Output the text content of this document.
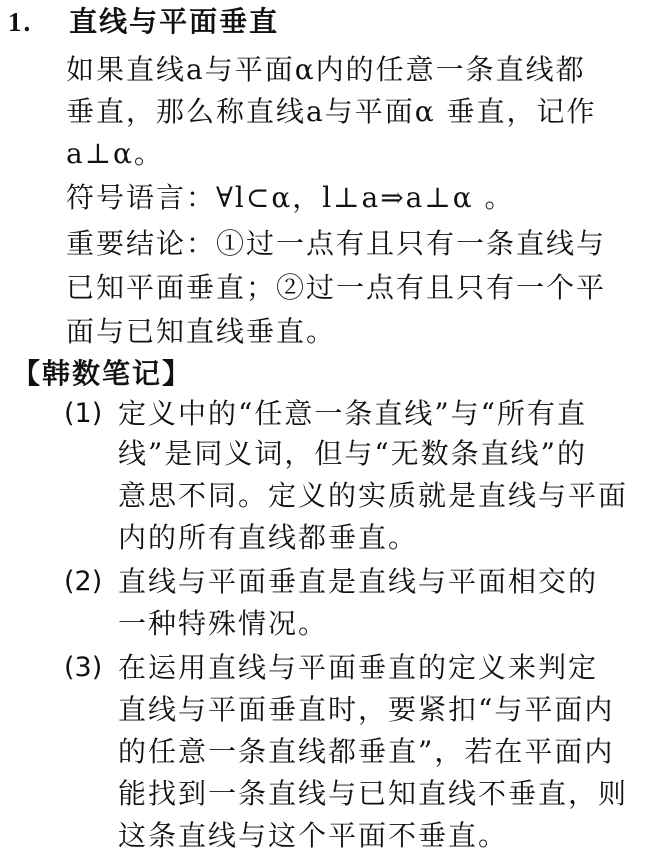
1. 直线与平面垂直
如果直线a与平面α内的任意一条直线都
垂直，那么称直线a与平面α 垂直，记作
a⊥α。
符号语言：∀l⊂α，l⊥a⇒a⊥α 。
重要结论：①过一点有且只有一条直线与
已知平面垂直；②过一点有且只有一个平
面与已知直线垂直。
【韩数笔记】
(1) 定义中的“任意一条直线”与“所有直
线”是同义词，但与“无数条直线”的
意思不同。定义的实质就是直线与平面
内的所有直线都垂直。
(2) 直线与平面垂直是直线与平面相交的
一种特殊情况。
(3) 在运用直线与平面垂直的定义来判定
直线与平面垂直时，要紧扣“与平面内
的任意一条直线都垂直”，若在平面内
能找到一条直线与已知直线不垂直，则
这条直线与这个平面不垂直。
